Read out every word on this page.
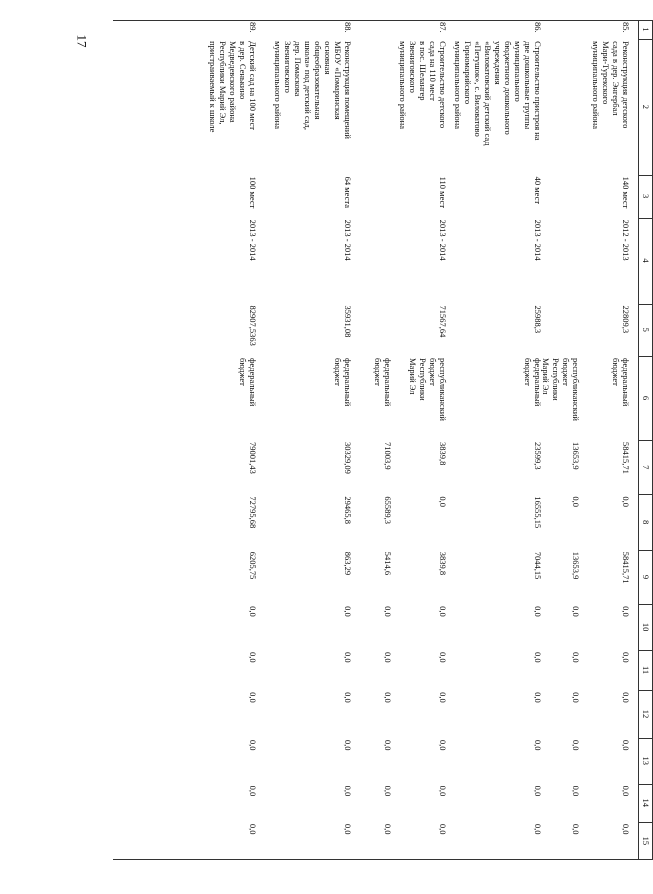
17
1
2
3
4
5
6
7
8
9
10
11
12
13
14
15
85.
Реконструкция детского
сада в дер. Энгербал
Мари-Турекского
муниципального района
140 мест
2012 - 2013
22809,3
федеральный
бюджет
58415,71
0,0
58415,71
0,0
0,0
0,0
0,0
0,0
0,0
республиканский
бюджет
Республики
Марий Эл
13653,9
0,0
13653,9
0,0
0,0
0,0
0,0
0,0
0,0
86.
Строительство пристроя на
две дошкольные группы
муниципального
бюджетного дошкольного
учреждения
«Виловатовский детский сад
«Петушок», с. Виловатово
Горномарийского
муниципального района
40 мест
2013 - 2014
25988,3
федеральный
бюджет
23599,3
16555,15
7044,15
0,0
0,0
0,0
0,0
0,0
0,0
87.
Строительство детского
сада на 110 мест
в пос. Шелангер
Звениговского
муниципального района
110 мест
2013 - 2014
71567,64
республиканский
бюджет
Республики
Марий Эл
3839,8
0,0
3839,8
0,0
0,0
0,0
0,0
0,0
0,0
федеральный
бюджет
71003,9
65589,3
5414,6
0,0
0,0
0,0
0,0
0,0
0,0
88.
Реконструкция помещений
МБОУ «Помаринская
основная
общеобразовательная
школа» под детский сад,
дер. Помаскова
Звениговского
муниципального района
64 места
2013 - 2014
35931,08
федеральный
бюджет
30329,09
29465,8
863,29
0,0
0,0
0,0
0,0
0,0
0,0
89.
Детский сад на 100 мест
в дер. Сенькино
Медведевского района
Республики Марий Эл,
пристраиваемый к школе
100 мест
2013 - 2014
82907,5363
федеральный
бюджет
79001,43
72795,68
6205,75
0,0
0,0
0,0
0,0
0,0
0,0
